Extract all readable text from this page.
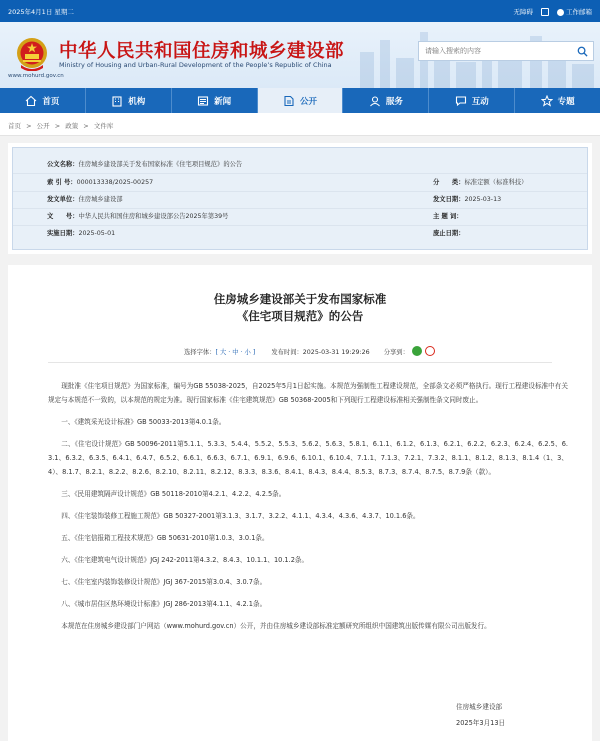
2025年4月1日 星期二	无障碍	工作邮箱
中华人民共和国住房和城乡建设部
Ministry of Housing and Urban-Rural Development of the People’s Republic of China
www.mohurd.gov.cn
请输入搜索的内容
首页	机构	新闻	公开	服务	互动	专题
首页 > 公开 > 政策 > 文件库
公文名称：住房城乡建设部关于发布国家标准《住宅项目规范》的公告
索 引 号：000013338/2025-00257	分　　类：标准定额（标准科技）
发文单位：住房城乡建设部	发文日期：2025-03-13
文　　号：中华人民共和国住房和城乡建设部公告2025年第39号	主 题 词：
实施日期：2025-05-01	废止日期：
住房城乡建设部关于发布国家标准
《住宅项目规范》的公告
选择字体： [ 大 · 中 · 小 ]	发布时间：2025-03-31 19:29:26 分享到：

现批准《住宅项目规范》为国家标准，编号为GB 55038-2025，自2025年5月1日起实施。本规范为强制性工程建设规范，全部条文必须严格执行。现行工程建设标准中有关规定与本规范不一致的，以本规范的规定为准。现行国家标准《住宅建筑规范》GB 50368-2005和下列现行工程建设标准相关强制性条文同时废止。

一、《建筑采光设计标准》GB 50033-2013第4.0.1条。

二、《住宅设计规范》GB 50096-2011第5.1.1、5.3.3、5.4.4、5.5.2、5.5.3、5.6.2、5.6.3、5.8.1、6.1.1、6.1.2、6.1.3、6.2.1、6.2.2、6.2.3、6.2.4、6.2.5、6.3.1、6.3.2、6.3.5、6.4.1、6.4.7、6.5.2、6.6.1、6.6.3、6.7.1、6.9.1、6.9.6、6.10.1、6.10.4、7.1.1、7.1.3、7.2.1、7.3.2、8.1.1、8.1.2、8.1.3、8.1.4（1、3、4）、8.1.7、8.2.1、8.2.2、8.2.6、8.2.10、8.2.11、8.2.12、8.3.3、8.3.6、8.4.1、8.4.3、8.4.4、8.5.3、8.7.3、8.7.4、8.7.5、8.7.9条（款）。

三、《民用建筑隔声设计规范》GB 50118-2010第4.2.1、4.2.2、4.2.5条。

四、《住宅装饰装修工程施工规范》GB 50327-2001第3.1.3、3.1.7、3.2.2、4.1.1、4.3.4、4.3.6、4.3.7、10.1.6条。

五、《住宅信报箱工程技术规范》GB 50631-2010第1.0.3、3.0.1条。

六、《住宅建筑电气设计规范》JGJ 242-2011第4.3.2、8.4.3、10.1.1、10.1.2条。

七、《住宅室内装饰装修设计规范》JGJ 367-2015第3.0.4、3.0.7条。

八、《城市居住区热环境设计标准》JGJ 286-2013第4.1.1、4.2.1条。

本规范在住房城乡建设部门户网站（www.mohurd.gov.cn）公开，并由住房城乡建设部标准定额研究所组织中国建筑出版传媒有限公司出版发行。

住房城乡建设部
2025年3月13日
